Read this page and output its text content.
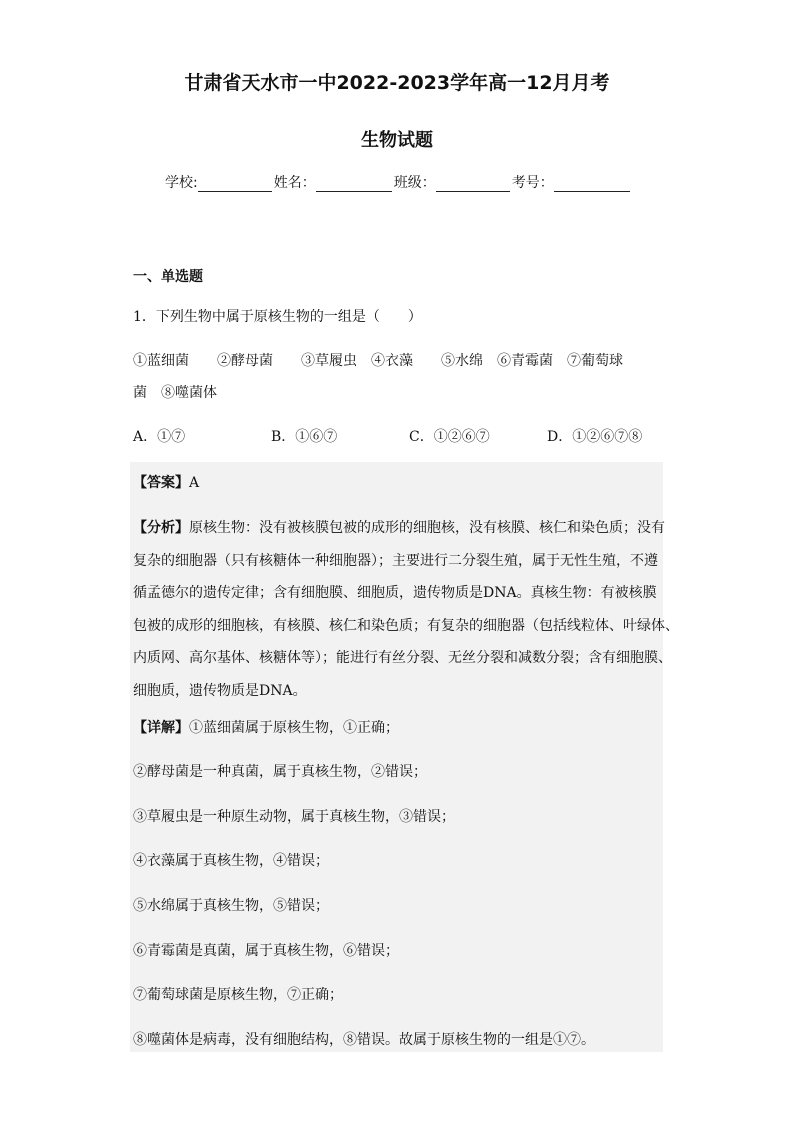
甘肃省天水市一中2022-2023学年高一12月月考
生物试题
学校:	姓名：	班级：	考号：
一、单选题
1．下列生物中属于原核生物的一组是（　　）
①蓝细菌　　②酵母菌　　③草履虫　④衣藻　　⑤水绵　⑥青霉菌　⑦葡萄球
菌　⑧噬菌体
A．①⑦	B．①⑥⑦	C．①②⑥⑦	D．①②⑥⑦⑧
【答案】A

【分析】原核生物：没有被核膜包被的成形的细胞核，没有核膜、核仁和染色质；没有

复杂的细胞器（只有核糖体一种细胞器）；主要进行二分裂生殖，属于无性生殖，不遵

循孟德尔的遗传定律；含有细胞膜、细胞质，遗传物质是DNA。真核生物：有被核膜

包被的成形的细胞核，有核膜、核仁和染色质；有复杂的细胞器（包括线粒体、叶绿体、

内质网、高尔基体、核糖体等）；能进行有丝分裂、无丝分裂和减数分裂；含有细胞膜、

细胞质，遗传物质是DNA。

【详解】①蓝细菌属于原核生物，①正确；
②酵母菌是一种真菌，属于真核生物，②错误；
③草履虫是一种原生动物，属于真核生物，③错误；
④衣藻属于真核生物，④错误；
⑤水绵属于真核生物，⑤错误；
⑥青霉菌是真菌，属于真核生物，⑥错误；
⑦葡萄球菌是原核生物，⑦正确；
⑧噬菌体是病毒，没有细胞结构，⑧错误。故属于原核生物的一组是①⑦。
